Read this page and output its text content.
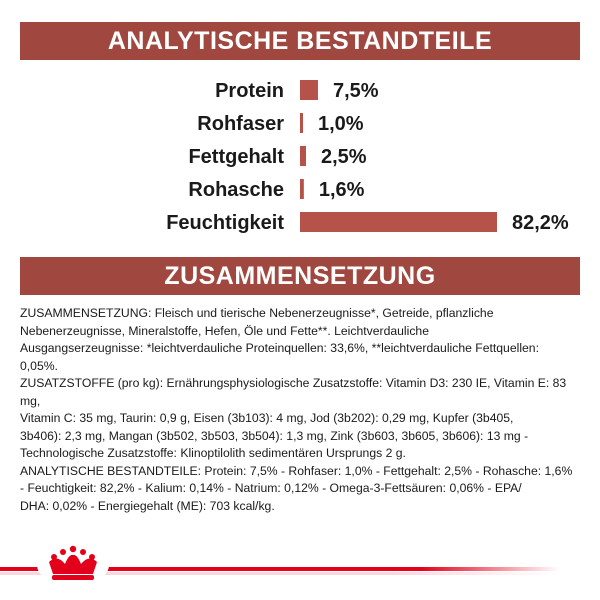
ANALYTISCHE BESTANDTEILE
Protein 7,5%
Rohfaser 1,0%
Fettgehalt 2,5%
Rohasche 1,6%
Feuchtigkeit	82,2%
ZUSAMMENSETZUNG

ZUSAMMENSETZUNG: Fleisch und tierische Nebenerzeugnisse*, Getreide, pflanzliche

Nebenerzeugnisse, Mineralstoffe, Hefen, Öle und Fette**. Leichtverdauliche

Ausgangserzeugnisse: *leichtverdauliche Proteinquellen: 33,6%, **leichtverdauliche Fettquellen: 0,05%.

ZUSATZSTOFFE (pro kg): Ernährungsphysiologische Zusatzstoffe: Vitamin D3: 230 IE, Vitamin E: 83 mg,

Vitamin C: 35 mg, Taurin: 0,9 g, Eisen (3b103): 4 mg, Jod (3b202): 0,29 mg, Kupfer (3b405,

3b406): 2,3 mg, Mangan (3b502, 3b503, 3b504): 1,3 mg, Zink (3b603, 3b605, 3b606): 13 mg -

Technologische Zusatzstoffe: Klinoptilolith sedimentären Ursprungs 2 g.

ANALYTISCHE BESTANDTEILE: Protein: 7,5% - Rohfaser: 1,0% - Fettgehalt: 2,5% - Rohasche: 1,6%

- Feuchtigkeit: 82,2% - Kalium: 0,14% - Natrium: 0,12% - Omega-3-Fettsäuren: 0,06% - EPA/

DHA: 0,02% - Energiegehalt (ME): 703 kcal/kg.
